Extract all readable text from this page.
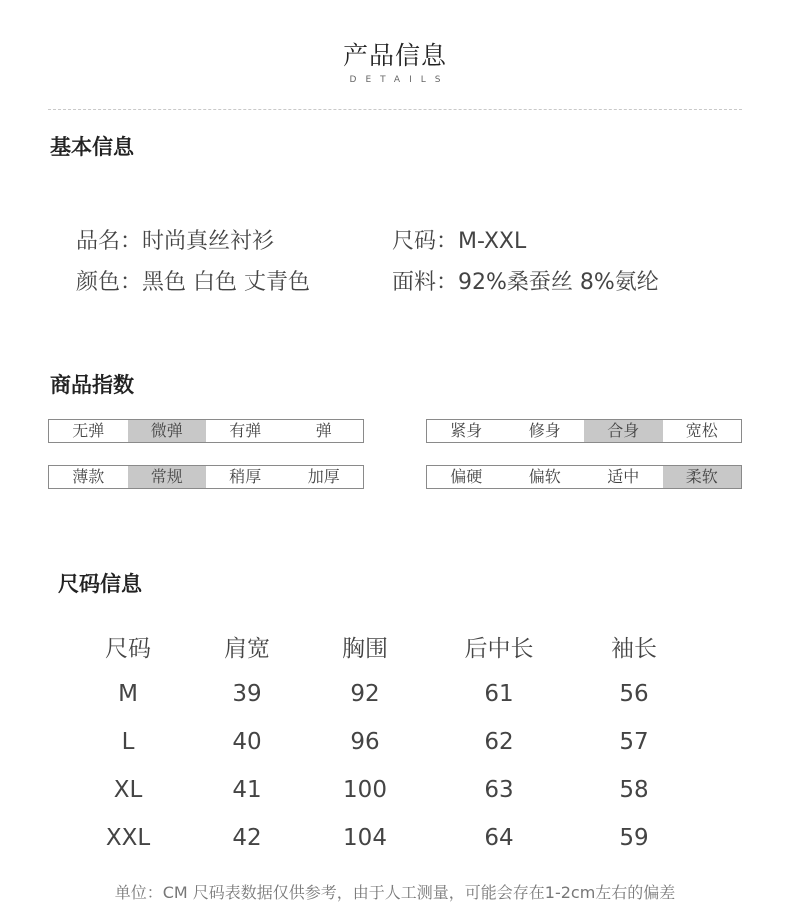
产品信息
DETAILS
基本信息
品名：时尚真丝衬衫	尺码：M-XXL
颜色：黑色 白色 丈青色	面料：92%桑蚕丝 8%氨纶
商品指数
无弹	微弹	有弹	弹	紧身	修身	合身	宽松
薄款	常规	稍厚	加厚	偏硬	偏软	适中	柔软
尺码信息
尺码	肩宽	胸围	后中长	袖长
M	39	92	61	56
L	40	96	62	57
XL	41	100	63	58
XXL	42	104	64	59
单位：CM 尺码表数据仅供参考，由于人工测量，可能会存在1-2cm左右的偏差
